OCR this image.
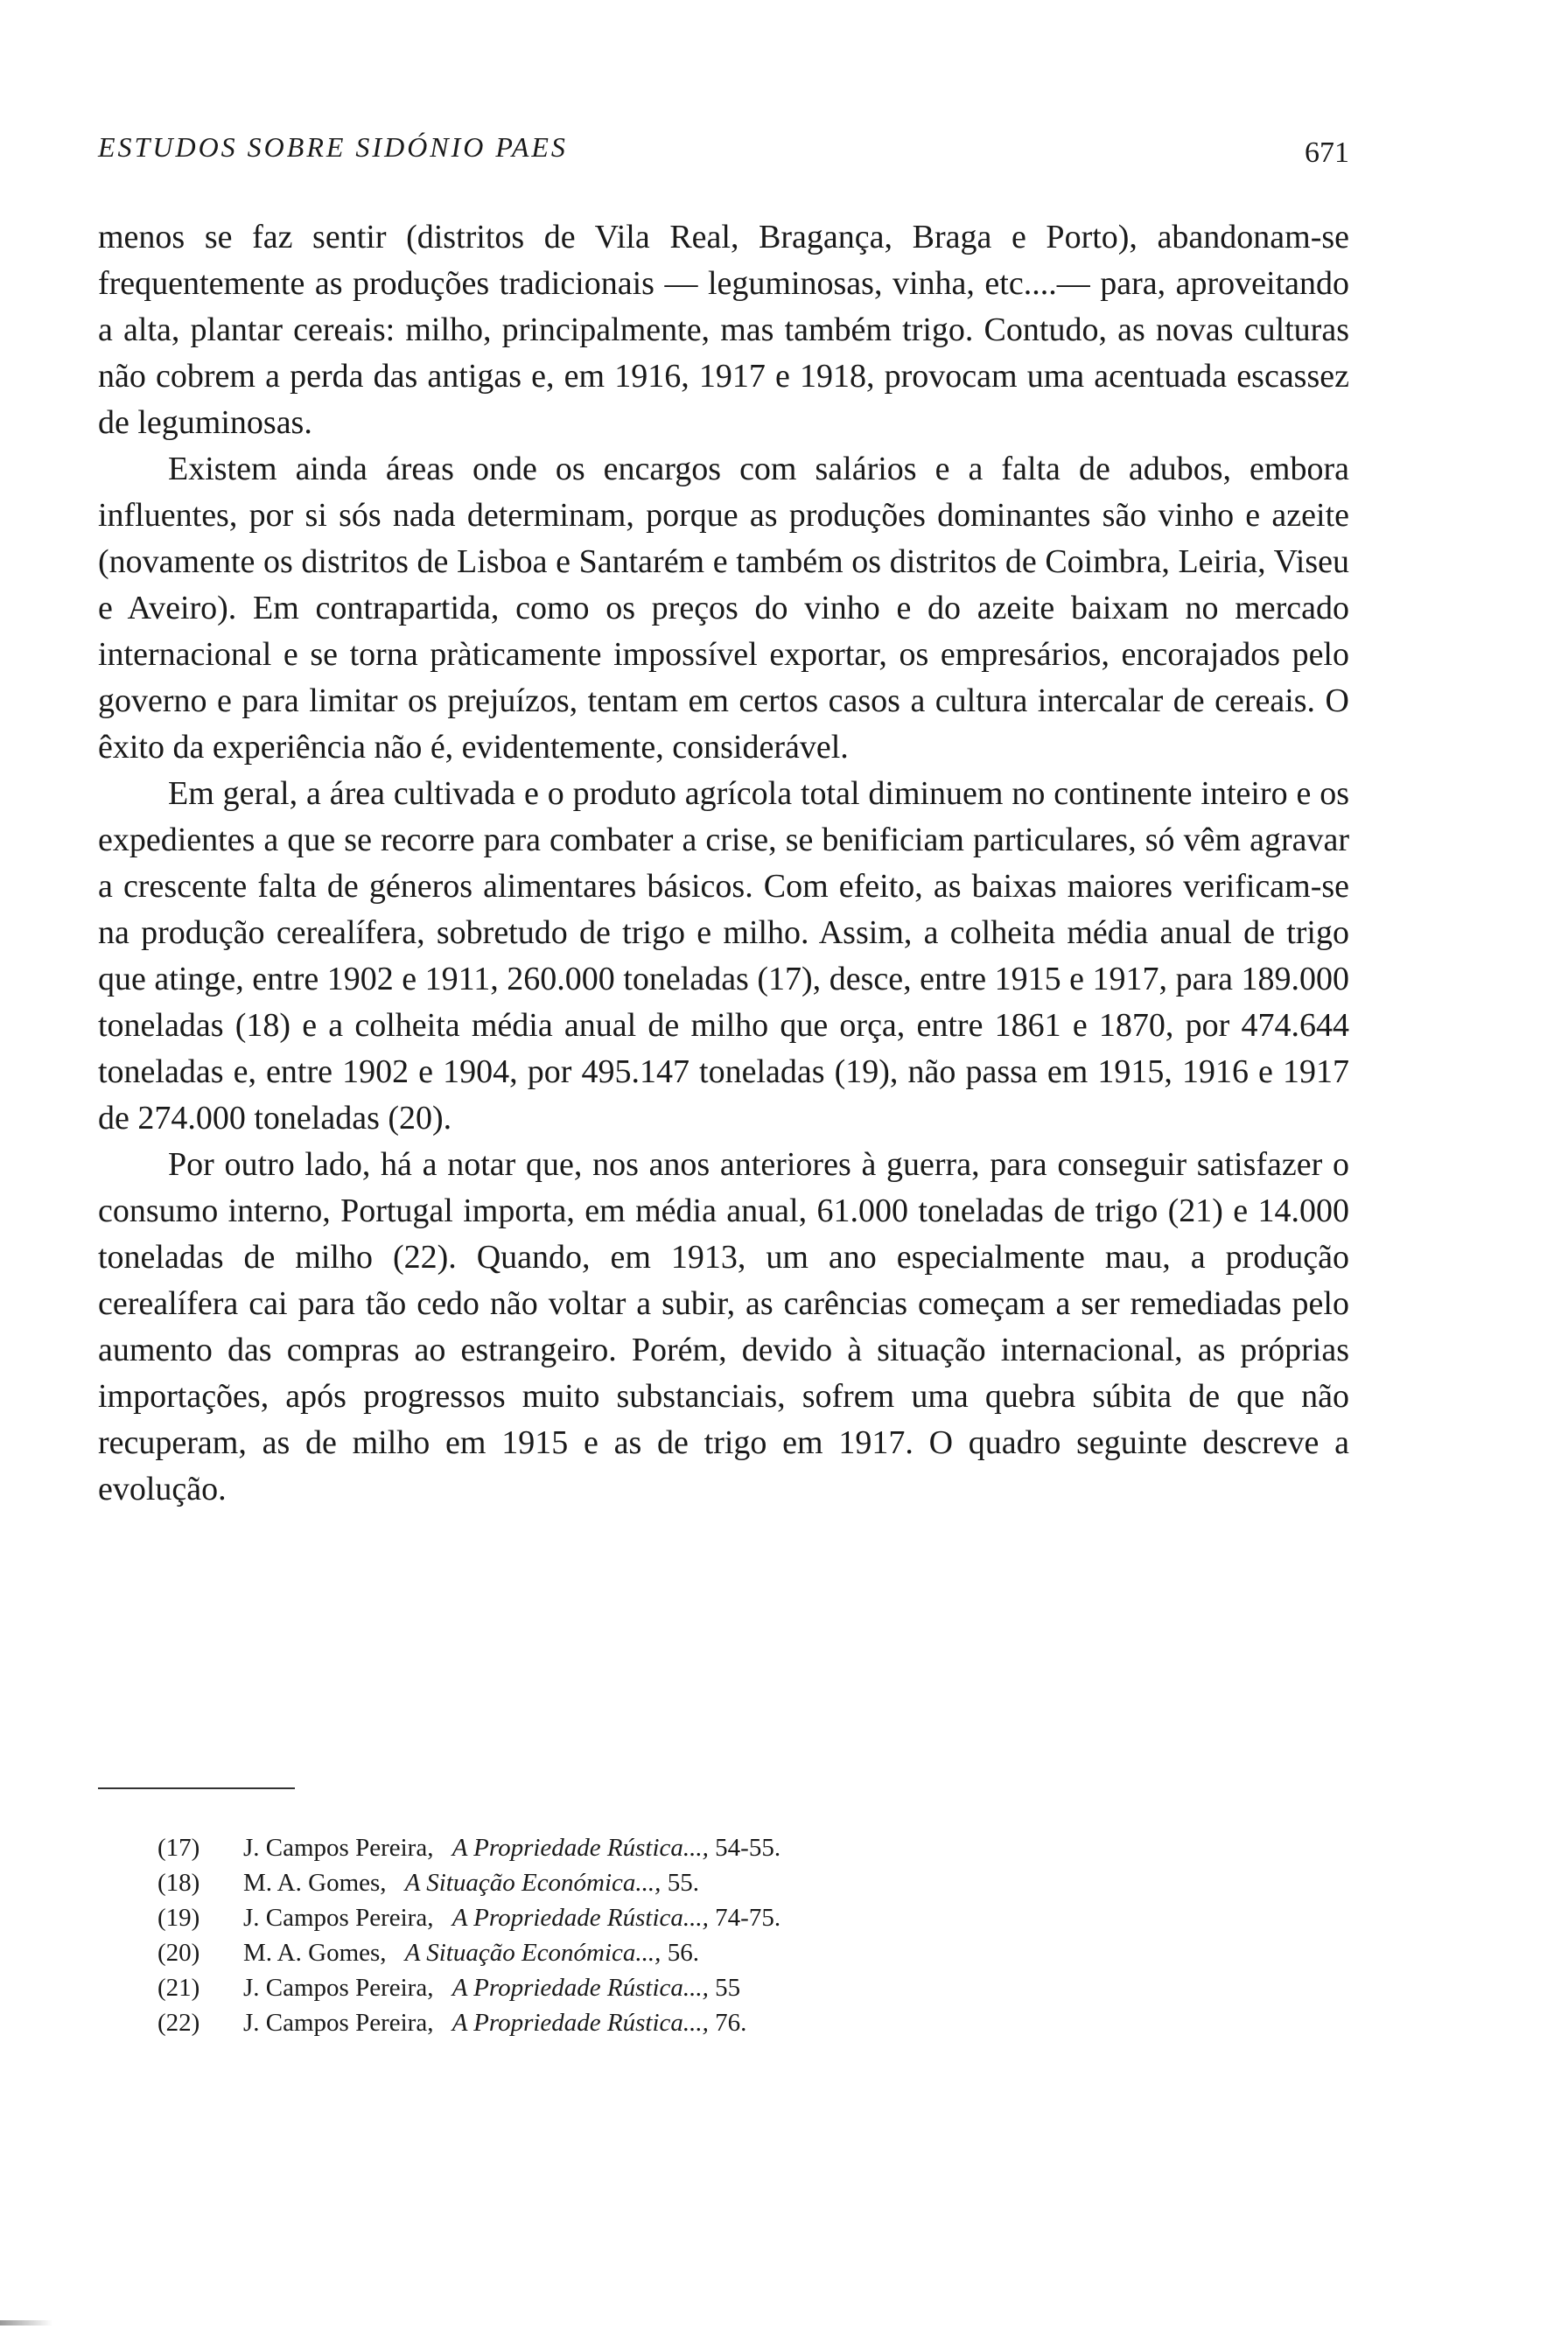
ESTUDOS SOBRE SIDÓNIO PAES	671

menos se faz sentir (distritos de Vila Real, Bragança, Braga e Porto), abandonam-se frequentemente as produções tradicionais — leguminosas, vinha, etc....— para, aproveitando a alta, plantar cereais: milho, principalmente, mas também trigo. Contudo, as novas culturas não cobrem a perda das antigas e, em 1916, 1917 e 1918, provocam uma acentuada escassez de leguminosas.

Existem ainda áreas onde os encargos com salários e a falta de adubos, embora influentes, por si sós nada determinam, porque as produções dominantes são vinho e azeite (novamente os distritos de Lisboa e Santarém e também os distritos de Coimbra, Leiria, Viseu e Aveiro). Em contrapartida, como os preços do vinho e do azeite baixam no mercado internacional e se torna pràticamente impossível exportar, os empresários, encorajados pelo governo e para limitar os prejuízos, tentam em certos casos a cultura intercalar de cereais. O êxito da experiência não é, evidentemente, considerável.

Em geral, a área cultivada e o produto agrícola total diminuem no continente inteiro e os expedientes a que se recorre para combater a crise, se benificiam particulares, só vêm agravar a crescente falta de géneros alimentares básicos. Com efeito, as baixas maiores verificam-se na produção cerealífera, sobretudo de trigo e milho. Assim, a colheita média anual de trigo que atinge, entre 1902 e 1911, 260.000 toneladas (17), desce, entre 1915 e 1917, para 189.000 toneladas (18) e a colheita média anual de milho que orça, entre 1861 e 1870, por 474.644 toneladas e, entre 1902 e 1904, por 495.147 toneladas (19), não passa em 1915, 1916 e 1917 de 274.000 toneladas (20).

Por outro lado, há a notar que, nos anos anteriores à guerra, para conseguir satisfazer o consumo interno, Portugal importa, em média anual, 61.000 toneladas de trigo (21) e 14.000 toneladas de milho (22). Quando, em 1913, um ano especialmente mau, a produção cerealífera cai para tão cedo não voltar a subir, as carências começam a ser remediadas pelo aumento das compras ao estrangeiro. Porém, devido à situação internacional, as próprias importações, após progressos muito substanciais, sofrem uma quebra súbita de que não recuperam, as de milho em 1915 e as de trigo em 1917. O quadro seguinte descreve a evolução.

(17) J. Campos Pereira, A Propriedade Rústica..., 54-55.
(18) M. A. Gomes, A Situação Económica..., 55.
(19) J. Campos Pereira, A Propriedade Rústica..., 74-75.
(20) M. A. Gomes, A Situação Económica..., 56.
(21) J. Campos Pereira, A Propriedade Rústica..., 55
(22) J. Campos Pereira, A Propriedade Rústica..., 76.
